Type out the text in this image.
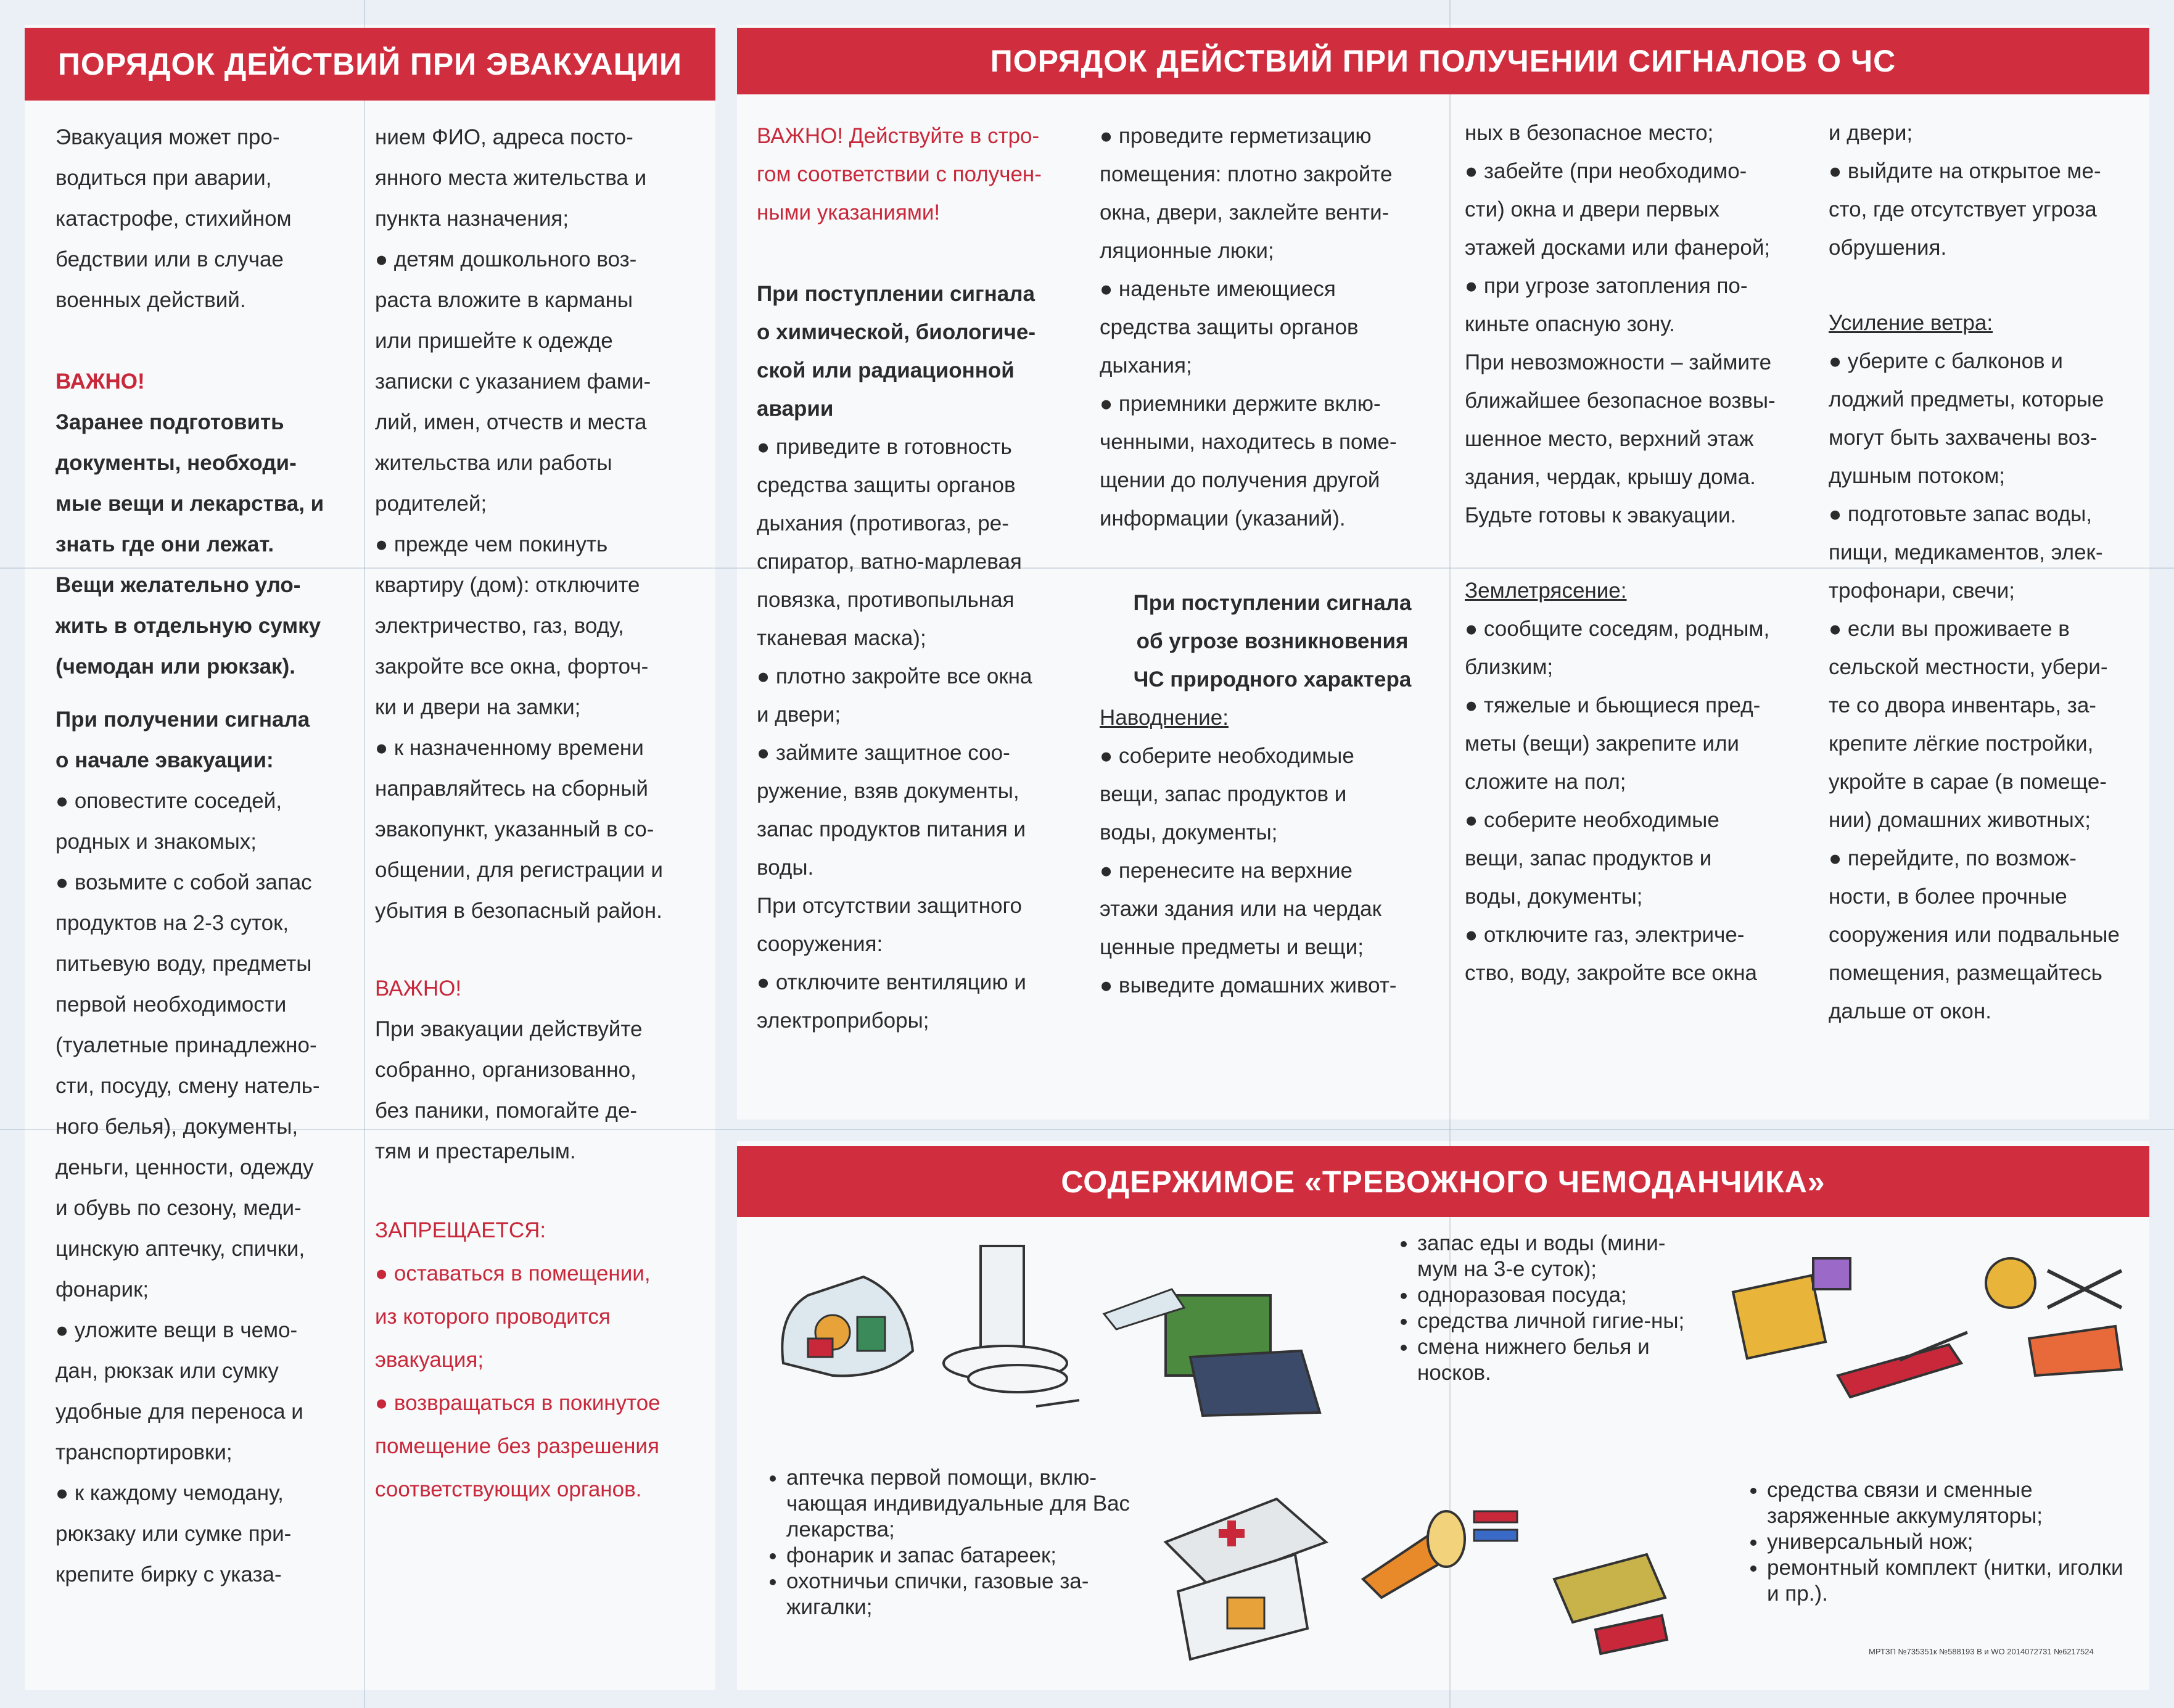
ПОРЯДОК ДЕЙСТВИЙ ПРИ ЭВАКУАЦИИ	ПОРЯДОК ДЕЙСТВИЙ ПРИ ПОЛУЧЕНИИ СИГНАЛОВ О ЧС
СОДЕРЖИМОЕ «ТРЕВОЖНОГО ЧЕМОДАНЧИКА»

Эвакуация может про-

водиться при аварии,

катастрофе, стихийном

бедствии или в случае

военных действий.

ВАЖНО!

Заранее подготовить

документы, необходи-

мые вещи и лекарства, и

знать где они лежат.

Вещи желательно уло-

жить в отдельную сумку

(чемодан или рюкзак).

При получении сигнала

о начале эвакуации:

● оповестите соседей,

родных и знакомых;

● возьмите с собой запас

продуктов на 2-3 суток,

питьевую воду, предметы

первой необходимости

(туалетные принадлежно-

сти, посуду, смену натель-

ного белья), документы,

деньги, ценности, одежду

и обувь по сезону, меди-

цинскую аптечку, спички,

фонарик;

● уложите вещи в чемо-

дан, рюкзак или сумку

удобные для переноса и

транспортировки;

● к каждому чемодану,

рюкзаку или сумке при-

крепите бирку с указа-

нием ФИО, адреса посто-

янного места жительства и

пункта назначения;

● детям дошкольного воз-

раста вложите в карманы

или пришейте к одежде

записки с указанием фами-

лий, имен, отчеств и места

жительства или работы

родителей;

● прежде чем покинуть

квартиру (дом): отключите

электричество, газ, воду,

закройте все окна, форточ-

ки и двери на замки;

● к назначенному времени

направляйтесь на сборный

эвакопункт, указанный в со-

общении, для регистрации и

убытия в безопасный район.

ВАЖНО!

При эвакуации действуйте

собранно, организованно,

без паники, помогайте де-

тям и престарелым.

ЗАПРЕЩАЕТСЯ:

● оставаться в помещении,

из которого проводится

эвакуация;

● возвращаться в покинутое

помещение без разрешения

соответствующих органов.

ВАЖНО! Действуйте в стро-

гом соответствии с получен-

ными указаниями!

При поступлении сигнала

о химической, биологиче-

ской или радиационной

аварии

● приведите в готовность

средства защиты органов

дыхания (противогаз, ре-

спиратор, ватно-марлевая

повязка, противопыльная

тканевая маска);

● плотно закройте все окна

и двери;

● займите защитное соо-

ружение, взяв документы,

запас продуктов питания и

воды.

При отсутствии защитного

сооружения:

● отключите вентиляцию и

электроприборы;

● проведите герметизацию

помещения: плотно закройте

окна, двери, заклейте венти-

ляционные люки;

● наденьте имеющиеся

средства защиты органов

дыхания;

● приемники держите вклю-

ченными, находитесь в поме-

щении до получения другой

информации (указаний).

При поступлении сигнала

об угрозе возникновения

ЧС природного характера

Наводнение:

● соберите необходимые

вещи, запас продуктов и

воды, документы;

● перенесите на верхние

этажи здания или на чердак

ценные предметы и вещи;

● выведите домашних живот-

ных в безопасное место;

● забейте (при необходимо-

сти) окна и двери первых

этажей досками или фанерой;

● при угрозе затопления по-

киньте опасную зону.

При невозможности – займите

ближайшее безопасное возвы-

шенное место, верхний этаж

здания, чердак, крышу дома.

Будьте готовы к эвакуации.

Землетрясение:

● сообщите соседям, родным,

близким;

● тяжелые и бьющиеся пред-

меты (вещи) закрепите или

сложите на пол;

● соберите необходимые

вещи, запас продуктов и

воды, документы;

● отключите газ, электриче-

ство, воду, закройте все окна

и двери;

● выйдите на открытое ме-

сто, где отсутствует угроза

обрушения.

Усиление ветра:

● уберите с балконов и

лоджий предметы, которые

могут быть захвачены воз-

душным потоком;

● подготовьте запас воды,

пищи, медикаментов, элек-

трофонари, свечи;

● если вы проживаете в

сельской местности, убери-

те со двора инвентарь, за-

крепите лёгкие постройки,

укройте в сарае (в помеще-

нии) домашних животных;

● перейдите, по возмож-

ности, в более прочные

сооружения или подвальные

помещения, размещайтесь

дальше от окон.

• запас еды и воды (мини-мум на 3-е суток);
• одноразовая посуда;
• средства личной гигие-ны;
• смена нижнего белья и носков.
• аптечка первой помощи, вклю-чающая индивидуальные для Вас лекарства;
• фонарик и запас батареек;
• охотничьи спички, газовые за-жигалки;
• средства связи и сменные заряженные аккумуляторы;
• универсальный нож;
• ремонтный комплект (нитки, иголки и пр.).
МРТЗП №735351к №588193 В и WO 2014072731 №6217524
